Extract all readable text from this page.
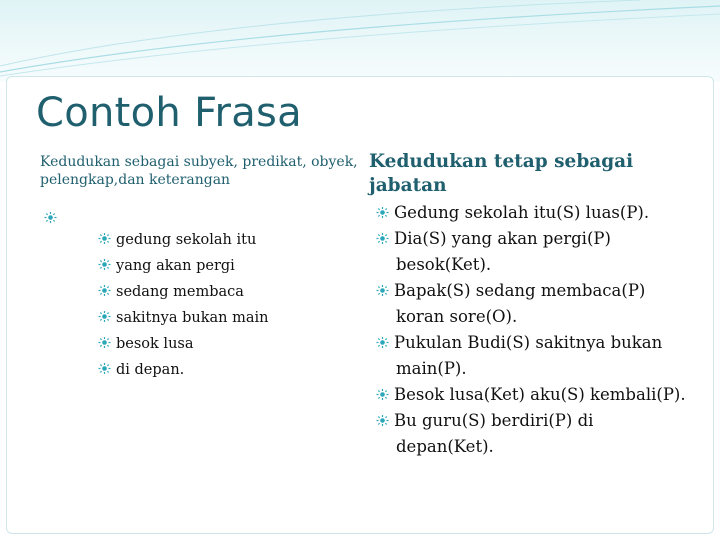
Contoh Frasa
Kedudukan sebagai subyek, predikat, obyek, pelengkap,dan keterangan
gedung sekolah itu
yang akan pergi
sedang membaca
sakitnya bukan main
besok lusa
di depan.
Kedudukan tetap sebagai jabatan
Gedung sekolah itu(S) luas(P).
Dia(S) yang akan pergi(P) besok(Ket).
Bapak(S) sedang membaca(P) koran sore(O).
Pukulan Budi(S) sakitnya bukan main(P).
Besok lusa(Ket) aku(S) kembali(P).
Bu guru(S) berdiri(P) di depan(Ket).
